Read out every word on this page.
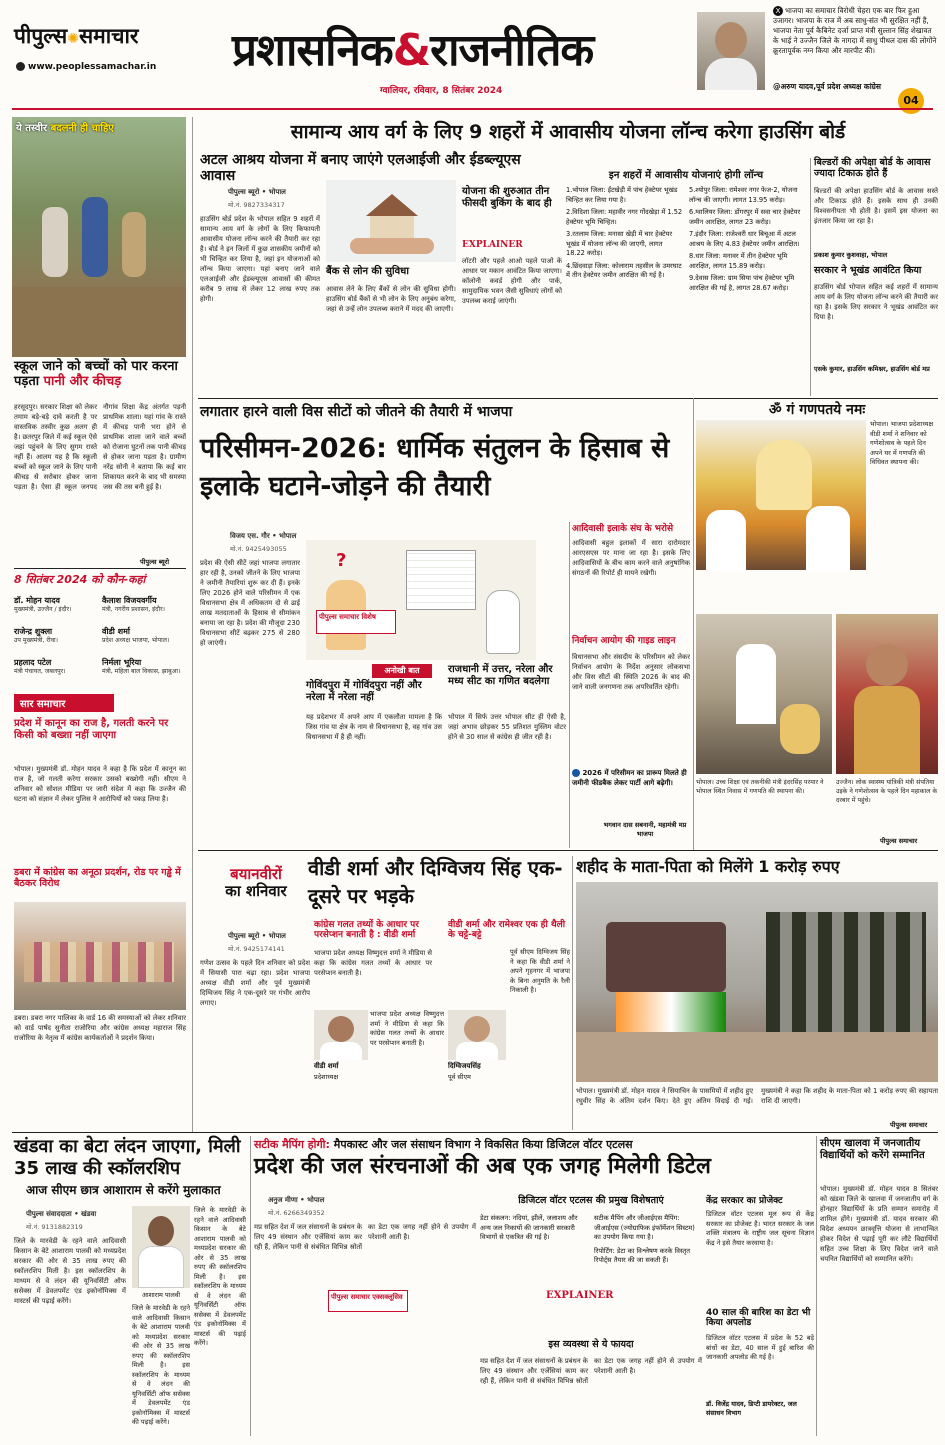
पीपुल्स✺समाचार
www.peoplessamachar.in प्रशासनिक&राजनीतिक
ग्वालियर, रविवार, 8 सितंबर 2024
X भाजपा का समाचार विरोधी चेहरा एक बार फिर हुआ उजागर। भाजपा के राज में अब साधु-संत भी सुरक्षित नहीं हैं, भाजपा नेता पूर्व कैबिनेट दर्जा प्राप्त मंत्री सुल्तान सिंह शेखावत के भाई ने उज्जैन जिले के नागदा में साधु पीथल दास की लोगोंने क्रूरतापूर्वक नग्न किया और मारपीट की।
@अरुण यादव,पूर्व प्रदेश अध्यक्ष कांग्रेस
04
ये तस्वीर बदलनी ही चाहिए
स्कूल जाने को बच्चों को पार करना पड़ता पानी और कीचड़
हरसूदपुर। सरकार शिक्षा को लेकर तमाम बड़े-बड़े दावे करती है पर वास्तविक तस्वीर कुछ अलग ही है। छतरपुर जिले में कई स्कूल ऐसे जहां पहुंचने के लिए सुगम रास्ते नहीं हैं। आलम यह है कि स्कूली बच्चों को स्कूल जाने के लिए पानी कीचड़ से सरोबार होकर जाना पड़ता है। ऐसा ही स्कूल जनपद नौगांव शिक्षा केंद्र अंतर्गत पड़नी प्राथमिक शाला। यहां गांव के रास्ते में कीचड़ पानी भरा होने से प्राथमिक शाला जाने वाले बच्चों को रोजाना घुटनों तक पानी कीचड़ से होकर जाना पड़ता है। ग्रामीण नरेंद्र सोनी ने बताया कि कई बार शिकायत करने के बाद भी समस्या जस की तस बनी हुई है।
पीपुल्स ब्यूरो
8 सितंबर 2024 को कौन-कहां
डॉ. मोहन यादव
मुख्यमंत्री, उज्जैन / इंदौर।
कैलाश विजयवर्गीय
मंत्री, नगरीय प्रशासन, इंदौर।
राजेन्द्र शुक्ला
उप मुख्यमंत्री, रीवा।
वीडी शर्मा
प्रदेश अध्यक्ष भाजपा, भोपाल।
प्रहलाद पटेल
मंत्री पंचायत, जबलपुर।
निर्मला भूरिया
मंत्री, महिला बाल विकास, झाबुआ।
सार समाचार
प्रदेश में कानून का राज है, गलती करने पर किसी को बख्शा नहीं जाएगा
भोपाल। मुख्यमंत्री डॉ. मोहन यादव ने कहा है कि प्रदेश में कानून का राज है, जो गलती करेगा सरकार उसको बख्शेगी नहीं। सीएम ने शनिवार को सोशल मीडिया पर जारी संदेश में कहा कि उज्जैन की घटना को संज्ञान में लेकर पुलिस ने आरोपियों को पकड़ लिया है।
डबरा में कांग्रेस का अनूठा प्रदर्शन, रोड पर गड्ढे में बैठकर विरोध
डबरा। डबरा नगर पालिका के वार्ड 16 की समस्याओं को लेकर शनिवार को वार्ड पार्षद सुनीता राजोरिया और कांग्रेस अध्यक्ष महाराज सिंह राजोरिया के नेतृत्व में कांग्रेस कार्यकर्ताओं ने प्रदर्शन किया।
सामान्य आय वर्ग के लिए 9 शहरों में आवासीय योजना लॉन्च करेगा हाउसिंग बोर्ड
अटल आश्रय योजना में बनाए जाएंगे एलआईजी और ईडब्ल्यूएस आवास
पीपुल्स ब्यूरो • भोपाल
मो.नं. 9827334317
हाउसिंग बोर्ड प्रदेश के भोपाल सहित 9 शहरों में सामान्य आय वर्ग के लोगों के लिए किफायती आवासीय योजना लॉन्च करने की तैयारी कर रहा है। बोर्ड ने इन जिलों में कुछ शासकीय जमीनों को भी चिन्हित कर लिया है, जहां इन योजनाओं को लॉन्च किया जाएगा। यहां बनाए जाने वाले एलआईजी और ईडब्ल्यूएस आवासों की कीमत करीब 9 लाख से लेकर 12 लाख रुपए तक होगी।
बैंक से लोन की सुविधा
आवास लेने के लिए बैंकों से लोन की सुविधा होगी। हाउसिंग बोर्ड बैंकों से भी लोन के लिए अनुबंध करेगा, जहां से उन्हें लोन उपलब्ध कराने में मदद की जाएगी।
योजना की शुरुआत तीन फीसदी बुकिंग के बाद ही
EXPLAINER
लॉटरी और पहले आओ पहले पाओ के आधार पर मकान आवंटित किया जाएगा। कॉलोनी कवर्ड होगी और पार्क, सामुदायिक भवन जैसी सुविधाएं लोगों को उपलब्ध कराई जाएंगी।
इन शहरों में आवासीय योजनाएं होगी लॉन्च
1.भोपाल जिला: ईंटखेड़ी में पांच हेक्टेयर भूखंड चिन्हित कर लिया गया है।
2.विदिशा जिला: महावीर नगर गोंदखेड़ा में 1.52 हेक्टेयर भूमि चिन्हित।
3.रतलाम जिला: मनासा खेड़ी में चार हेक्टेयर भूखंड में योजना लॉन्च की जाएगी, लागत 18.22 करोड़।
4.छिंदवाड़ा जिला: कोलाराम तहसील के उमरघाट में तीन हेक्टेयर जमीन आरक्षित की गई है।
5.श्योपुर जिला: रामेश्वर नगर फेज-2, योजना लॉन्च की जाएगी। लागत 13.95 करोड़।
6.ग्वालियर जिला: डोंगरपुर में सवा चार हेक्टेयर जमीन आरक्षित, लागत 23 करोड़।
7.इंदौर जिला: राजेश्वरी धार बिचूआ में अटल आश्रय के लिए 4.83 हेक्टेयर जमीन आरक्षित।
8.धार जिला: मनावर में तीन हेक्टेयर भूमि आरक्षित, लागत 15.89 करोड़।
9.देवास जिला: ग्राम सिया पांच हेक्टेयर भूमि आरक्षित की गई है, लागत 28.67 करोड़।
बिल्डरों की अपेक्षा बोर्ड के आवास ज्यादा टिकाऊ होते हैं
बिल्डरों की अपेक्षा हाउसिंग बोर्ड के आवास सस्ते और टिकाऊ होते हैं। इसके साथ ही उनकी विश्वसनीयता भी होती है। इसमें इस योजना का इंतजार किया जा रहा है।
प्रकाश कुमार कुशवाहा, भोपाल
सरकार ने भूखंड आवंटित किया
हाउसिंग बोर्ड भोपाल सहित कई शहरों में सामान्य आय वर्ग के लिए योजना लॉन्च करने की तैयारी कर रहा है। इसके लिए सरकार ने भूखंड आवंटित कर दिया है।
एसके कुमार, हाउसिंग कमिश्नर, हाउसिंग बोर्ड मप्र
लगातार हारने वाली विस सीटों को जीतने की तैयारी में भाजपा
परिसीमन-2026: धार्मिक संतुलन के हिसाब से इलाके घटाने-जोड़ने की तैयारी
विजय एस. गौर • भोपाल
मो.नं. 9425493055
प्रदेश की ऐसी सीटें जहां भाजपा लगातार हार रही है, उनको जीतने के लिए भाजपा ने जमीनी तैयारियां शुरू कर दी हैं। इनके लिए 2026 होने वाले परिसीमन में एक विधानसभा क्षेत्र में अधिकतम दो से ढाई लाख मतदाताओं के हिसाब से सीमांकन बनाया जा रहा है। प्रदेश की मौजूदा 230 विधानसभा सीटें बढ़कर 275 से 280 हो जाएंगी।
?
पीपुल्स समाचार विशेष
अनोखी बात
गोविंदपुरा में गोविंदपुरा नहीं और नरेला में नरेला नहीं
यह प्रदेशभर में अपने आप में एकलौता मामला है कि जिस गांव या क्षेत्र के नाम से विधानसभा है, वह गांव उस विधानसभा में है ही नहीं।
राजधानी में उत्तर, नरेला और मध्य सीट का गणित बदलेगा
भोपाल में सिर्फ उत्तर भोपाल सीट ही ऐसी है, जहां अभाव छोड़कर 55 प्रतिशत मुस्लिम वोटर होने से 30 साल से कांग्रेस ही जीत रही है।
आदिवासी इलाके संघ के भरोसे
आदिवासी बहुल इलाकों में सारा दारोमदार आरएसएस पर माना जा रहा है। इसके लिए आदिवासियों के बीच काम करने वाले अनुषांगिक संगठनों की रिपोर्ट ही मायने रखेगी।
निर्वाचन आयोग की गाइड लाइन
विधानसभा और संसदीय के परिसीमन को लेकर निर्वाचन आयोग के निर्देश अनुसार लोकसभा और विस सीटों की स्थिति 2026 के बाद की जाने वाली जनगणना तक अपरिवर्तित रहेगी।
2026 में परिसीमन का प्रारूप मिलते ही जमीनी फीडबैक लेकर पार्टी आगे बढ़ेगी।
भगवान दास सबनानी, महामंत्री मप्र भाजपा
ॐ गं गणपतये नमः
भोपाल। भाजपा प्रदेशाध्यक्ष वीडी शर्मा ने शनिवार को गणेशोत्सव के पहले दिन अपने घर में गणपति की विधिवत स्थापना की।
भोपाल। उच्च शिक्षा एवं तकनीकी मंत्री इंदरसिंह परमार ने भोपाल स्थित निवास में गणपति की स्थापना की।
उज्जैन। लोक स्वास्थ्य यांत्रिकी मंत्री संपतिया उइके ने गणेशोत्सव के पहले दिन महाकाल के दरबार में पहुंचे।
पीपुल्स समाचार
बयानवीरों
का शनिवार
वीडी शर्मा और दिग्विजय सिंह एक-दूसरे पर भड़के
पीपुल्स ब्यूरो • भोपाल
मो.नं. 9425174141
गणेश उत्सव के पहले दिन शनिवार को प्रदेश में सियासी पारा चढ़ा रहा। प्रदेश भाजपा अध्यक्ष वीडी शर्मा और पूर्व मुख्यमंत्री दिग्विजय सिंह ने एक-दूसरे पर गंभीर आरोप लगाए।
कांग्रेस गलत तथ्यों के आधार पर परसेप्शन बनाती है : वीडी शर्मा
भाजपा प्रदेश अध्यक्ष विष्णुदत्त शर्मा ने मीडिया से कहा कि कांग्रेस गलत तथ्यों के आधार पर परसेप्शन बनाती है।
वीडी शर्मा
प्रदेशाध्यक्ष
दिग्विजयसिंह
पूर्व सीएम
भाजपा प्रदेश अध्यक्ष विष्णुदत्त शर्मा ने मीडिया से कहा कि कांग्रेस गलत तथ्यों के आधार पर परसेप्शन बनाती है।
वीडी शर्मा और रामेश्वर एक ही थैली के चट्टे-बट्टे
पूर्व सीएम दिग्विजय सिंह ने कहा कि वीडी शर्मा ने अपने गृहनगर में भाजपा के बिना अनुमति के रैली निकाली है।
शहीद के माता-पिता को मिलेंगे 1 करोड़ रुपए
भोपाल। मुख्यमंत्री डॉ. मोहन यादव ने सियाचिन के पासमियों में शहीद हुए रघुवीर सिंह के अंतिम दर्शन किए। देते हुए अंतिम विदाई दी गई। मुख्यमंत्री ने कहा कि शहीद के माता-पिता को 1 करोड़ रुपए की सहायता राशि दी जाएगी।
पीपुल्स समाचार
खंडवा का बेटा लंदन जाएगा, मिली 35 लाख की स्कॉलरशिप
आज सीएम छात्र आशाराम से करेंगे मुलाकात
पीपुल्स संवाददाता • खंडवा
मो.नं. 9131882319
जिले के मारवेडी के रहने वाले आदिवासी किसान के बेटे आशाराम पालवी को मध्यप्रदेश सरकार की ओर से 35 लाख रुपए की स्कॉलरशिप मिली है। इस स्कॉलरशिप के माध्यम से वे लंदन की यूनिवर्सिटी ऑफ ससेक्स में डेवलपमेंट एंड इकोनॉमिक्स में मास्टर्स की पढ़ाई करेंगे।
आशाराम पालवी
जिले के मारवेडी के रहने वाले आदिवासी किसान के बेटे आशाराम पालवी को मध्यप्रदेश सरकार की ओर से 35 लाख रुपए की स्कॉलरशिप मिली है। इस स्कॉलरशिप के माध्यम से वे लंदन की यूनिवर्सिटी ऑफ ससेक्स में डेवलपमेंट एंड इकोनॉमिक्स में मास्टर्स की पढ़ाई करेंगे।
जिले के मारवेडी के रहने वाले आदिवासी किसान के बेटे आशाराम पालवी को मध्यप्रदेश सरकार की ओर से 35 लाख रुपए की स्कॉलरशिप मिली है। इस स्कॉलरशिप के माध्यम से वे लंदन की यूनिवर्सिटी ऑफ ससेक्स में डेवलपमेंट एंड इकोनॉमिक्स में मास्टर्स की पढ़ाई करेंगे।
सटीक मैपिंग होगी: मैपकास्ट और जल संसाधन विभाग ने विकसित किया डिजिटल वॉटर एटलस
प्रदेश की जल संरचनाओं की अब एक जगह मिलेगी डिटेल
अनुज मीणा • भोपाल
मो.नं. 6266349352
मप्र सहित देश में जल संसाधनों के प्रबंधन के लिए 49 संस्थान और एजेंसियां काम कर रही हैं, लेकिन पानी से संबंधित विभिन्न स्रोतों का डेटा एक जगह नहीं होने से उपयोग में परेशानी आती है।
पीपुल्स समाचार एक्सक्लूसिव
डिजिटल वॉटर एटलस की प्रमुख विशेषताएं
डेटा संकलन: नदियां, झीलें, जलाशय और अन्य जल निकायों की जानकारी सरकारी विभागों से एकत्रित की गई है।
सटीक मैपिंग और जीआईएस मैपिंग: जीआईएस (ज्योग्राफिक इंफॉर्मेशन सिस्टम) का उपयोग किया गया है।
रिपोर्टिंग: डेटा का विश्लेषण करके विस्तृत रिपोर्ट्स तैयार की जा सकती हैं।
EXPLAINER
इस व्यवस्था से ये फायदा
मप्र सहित देश में जल संसाधनों के प्रबंधन के लिए 49 संस्थान और एजेंसियां काम कर रही हैं, लेकिन पानी से संबंधित विभिन्न स्रोतों का डेटा एक जगह नहीं होने से उपयोग में परेशानी आती है।
केंद्र सरकार का प्रोजेक्ट
डिजिटल वॉटर एटलस मूल रूप से केंद्र सरकार का प्रोजेक्ट है। भारत सरकार के जल शक्ति मंत्रालय के राष्ट्रीय जल सूचना विज्ञान केंद्र ने इसे तैयार करवाया है।
40 साल की बारिश का डेटा भी किया अपलोड
डिजिटल वॉटर एटलस में प्रदेश के 52 बड़े बांधों का डेटा, 40 साल में हुई बारिश की जानकारी अपलोड की गई है।
डॉ. विजेंद्र यादव, डिप्टी डायरेक्टर, जल संसाधन विभाग
सीएम खालवा में जनजातीय विद्यार्थियों को करेंगे सम्मानित
भोपाल। मुख्यमंत्री डॉ. मोहन यादव 8 सितंबर को खंडवा जिले के खालवा में जनजातीय वर्ग के होनहार विद्यार्थियों के प्रति सम्मान समारोह में शामिल होंगे। मुख्यमंत्री डॉ. यादव सरकार की विदेश अध्ययन छात्रवृत्ति योजना से लाभान्वित होकर विदेश से पढ़ाई पूरी कर लौटे विद्यार्थियों सहित उच्च शिक्षा के लिए विदेश जाने वाले चयनित विद्यार्थियों को सम्मानित करेंगे।
